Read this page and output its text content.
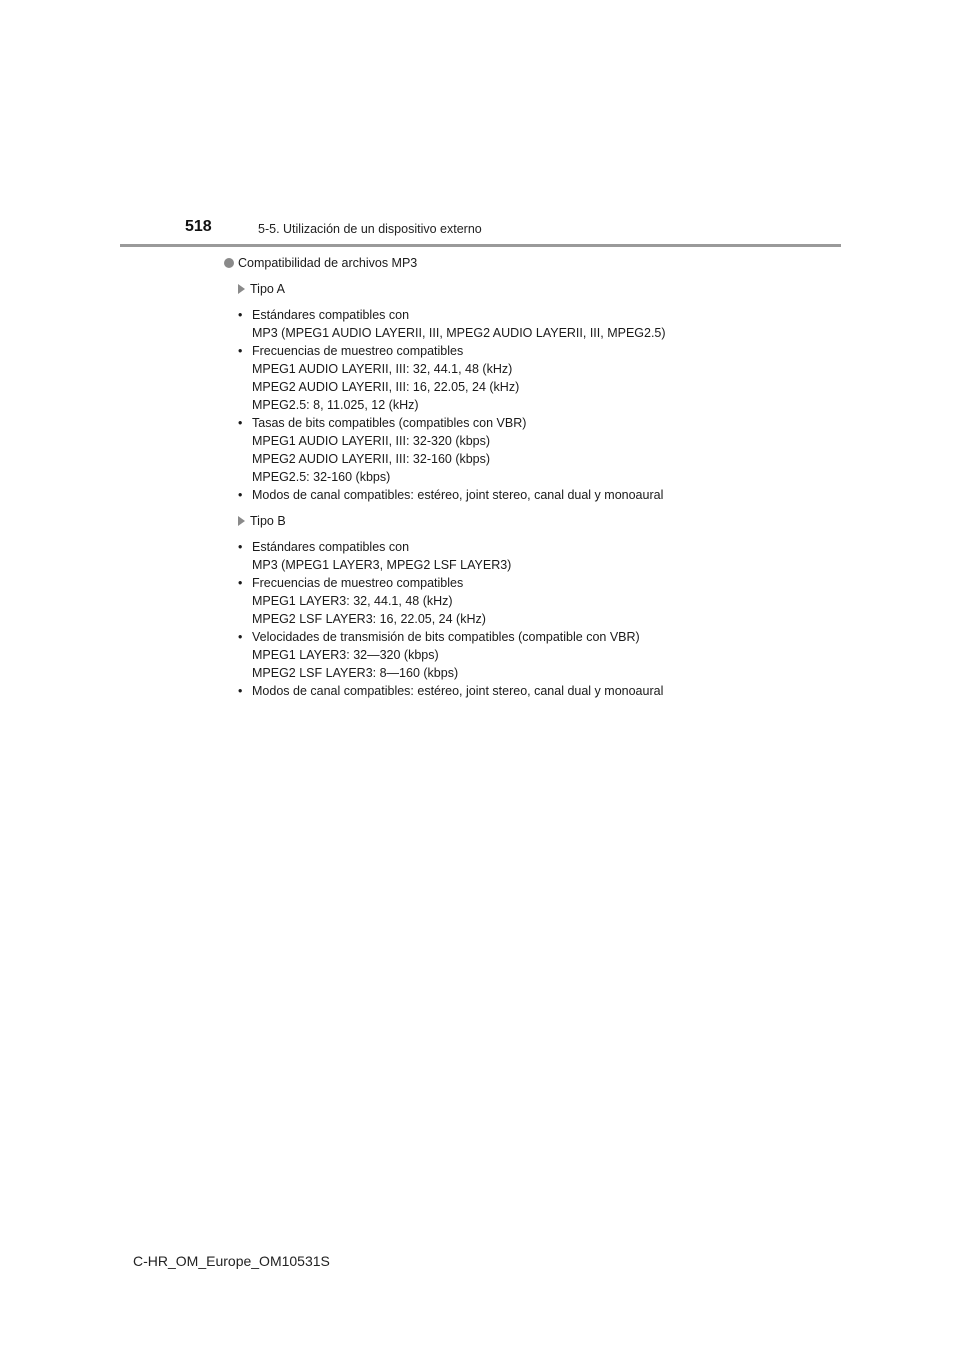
518	5-5. Utilización de un dispositivo externo
Compatibilidad de archivos MP3
Tipo A
• Estándares compatibles con
MP3 (MPEG1 AUDIO LAYERII, III, MPEG2 AUDIO LAYERII, III, MPEG2.5)
• Frecuencias de muestreo compatibles
MPEG1 AUDIO LAYERII, III: 32, 44.1, 48 (kHz)
MPEG2 AUDIO LAYERII, III: 16, 22.05, 24 (kHz)
MPEG2.5: 8, 11.025, 12 (kHz)
• Tasas de bits compatibles (compatibles con VBR)
MPEG1 AUDIO LAYERII, III: 32-320 (kbps)
MPEG2 AUDIO LAYERII, III: 32-160 (kbps)
MPEG2.5: 32-160 (kbps)
• Modos de canal compatibles: estéreo, joint stereo, canal dual y monoaural
Tipo B
• Estándares compatibles con
MP3 (MPEG1 LAYER3, MPEG2 LSF LAYER3)
• Frecuencias de muestreo compatibles
MPEG1 LAYER3: 32, 44.1, 48 (kHz)
MPEG2 LSF LAYER3: 16, 22.05, 24 (kHz)
• Velocidades de transmisión de bits compatibles (compatible con VBR)
MPEG1 LAYER3: 32—320 (kbps)
MPEG2 LSF LAYER3: 8—160 (kbps)
• Modos de canal compatibles: estéreo, joint stereo, canal dual y monoaural
C-HR_OM_Europe_OM10531S
